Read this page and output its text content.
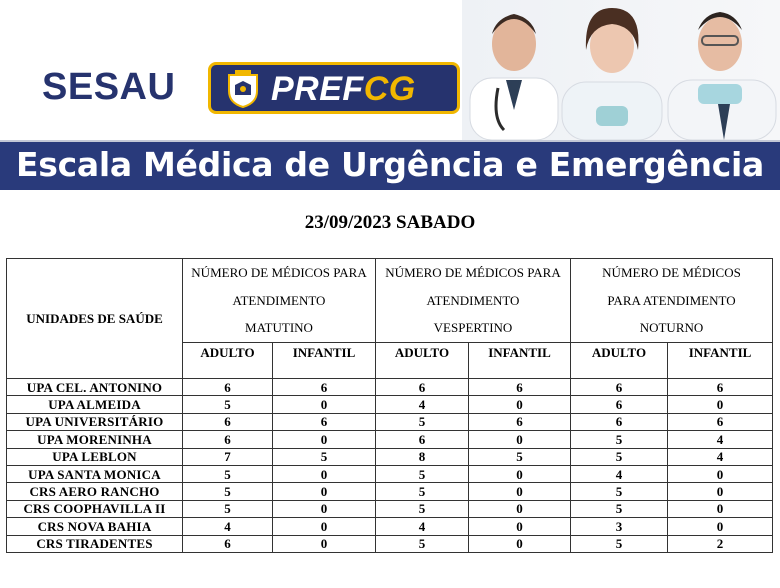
SESAU	PREFCG
Escala Médica de Urgência e Emergência
23/09/2023 SABADO
UNIDADES DE SAÚDE	NÚMERO DE MÉDICOS PARA
ATENDIMENTO
MATUTINO		NÚMERO DE MÉDICOS PARA
ATENDIMENTO
VESPERTINO		NÚMERO DE MÉDICOS
PARA ATENDIMENTO
NOTURNO	

	ADULTO	INFANTIL	ADULTO	INFANTIL	ADULTO	INFANTIL
UPA CEL. ANTONINO	6	6	6	6	6	6
UPA ALMEIDA	5	0	4	0	6	0
UPA UNIVERSITÁRIO	6	6	5	6	6	6
UPA MORENINHA	6	0	6	0	5	4
UPA LEBLON	7	5	8	5	5	4
UPA SANTA MONICA	5	0	5	0	4	0
CRS AERO RANCHO	5	0	5	0	5	0
CRS COOPHAVILLA II	5	0	5	0	5	0
CRS NOVA BAHIA	4	0	4	0	3	0
CRS TIRADENTES	6	0	5	0	5	2
